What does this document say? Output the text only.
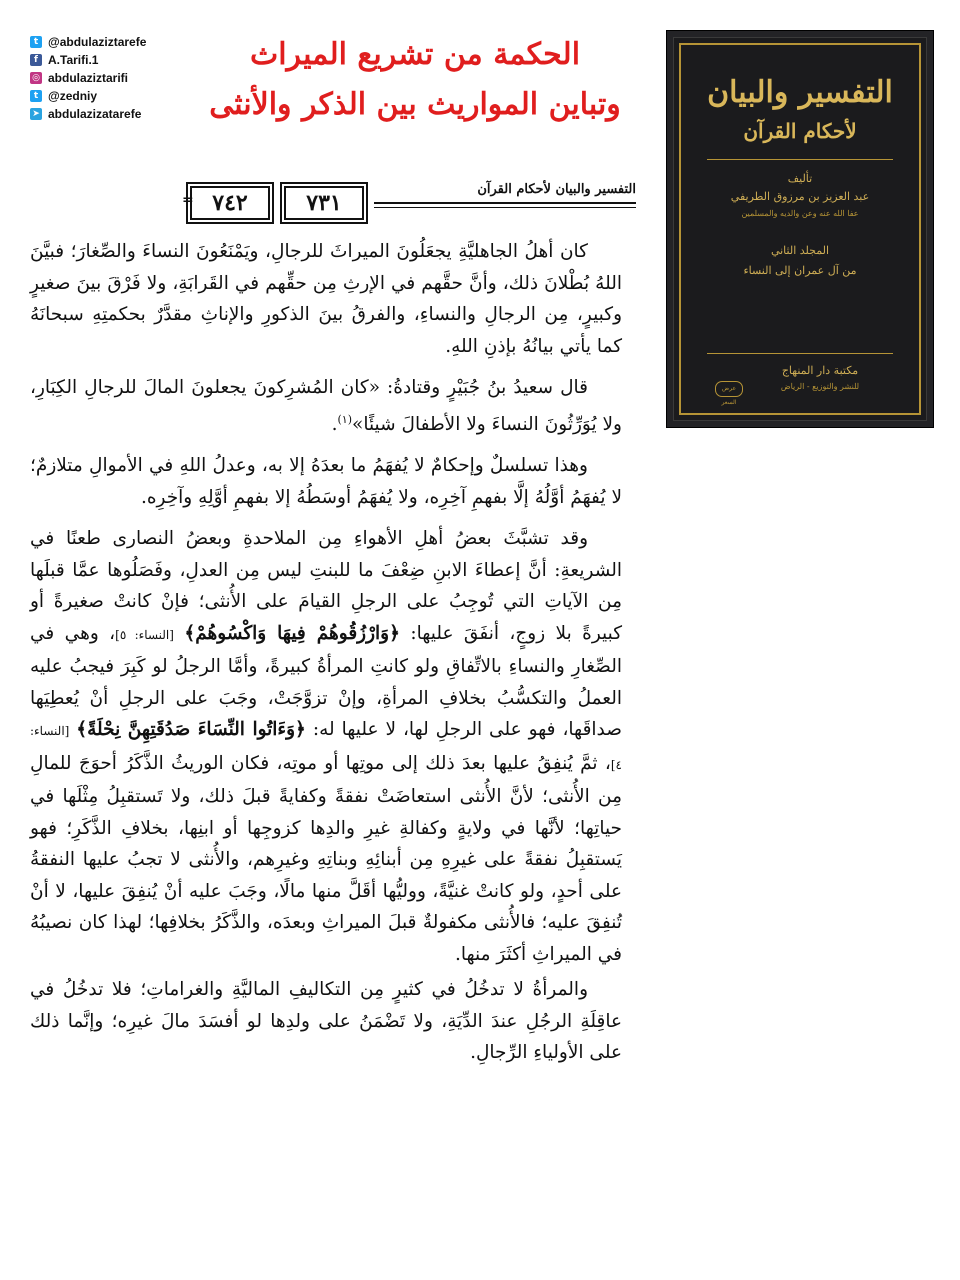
t @abdulaziztarefe
f A.Tarifi.1
◎ abdulaziztarifi
t @zedniy
➤ abdulazizatarefe
الحكمة من تشريع الميراث
وتباين المواريث بين الذكر والأنثى	التفسير والبيان
لأحكام القرآن
تأليف
عبد العزيز بن مرزوق الطريفي
عفا الله عنه وعن والديه والمسلمين
المجلد الثاني
من آل عمران إلى النساء
مكتبة دار المنهاج
للنشر والتوزيع - الرياض
عرض السعر
التفسير والبيان لأحكام القرآن
٧٣١
٧٤٢
=

كان أهلُ الجاهليَّةِ يجعَلُونَ الميراثَ للرجالِ، ويَمْنَعُونَ النساءَ والصِّغارَ؛ فبيَّنَ اللهُ بُطْلانَ ذلك، وأنَّ حقَّهم في الإرثِ مِن حقِّهم في القَرابَةِ، ولا فَرْقَ بينَ صغيرٍ وكبيرٍ، مِن الرجالِ والنساءِ، والفرقُ بينَ الذكورِ والإناثِ مقدَّرٌ بحكمتِهِ سبحانَهُ كما يأتي بيانُهُ بإذنِ اللهِ.

قال سعيدُ بنُ جُبَيْرٍ وقتادةُ: «كان المُشرِكونَ يجعلونَ المالَ للرجالِ الكِبَارِ، ولا يُوَرِّثُونَ النساءَ ولا الأطفالَ شيئًا»$^{(١)}$.

وهذا تسلسلٌ وإحكامٌ لا يُفهَمُ ما بعدَهُ إلا به، وعدلُ اللهِ في الأموالِ متلازمٌ؛ لا يُفهَمُ أوَّلُهُ إلَّا بفهمِ آخِرِه، ولا يُفهَمُ أوسَطُهُ إلا بفهمِ أوَّلِهِ وآخِرِه.

وقد تشبَّثَ بعضُ أهلِ الأهواءِ مِن الملاحدةِ وبعضُ النصارى طعنًا في الشريعةِ: أنَّ إعطاءَ الابنِ ضِعْفَ ما للبنتِ ليس مِن العدلِ، وفَصَلُوها عمَّا قبلَها مِن الآياتِ التي تُوجِبُ على الرجلِ القيامَ على الأُنثى؛ فإنْ كانتْ صغيرةً أو كبيرةً بلا زوجٍ، أنفَقَ عليها: ﴿وَارْزُقُوهُمْ فِيهَا وَاكْسُوهُمْ﴾ [النساء: ٥]، وهي في الصِّغارِ والنساءِ بالاتِّفاقِ ولو كانتِ المرأةُ كبيرةً، وأمَّا الرجلُ لو كَبِرَ فيجبُ عليه العملُ والتكسُّبُ بخلافِ المرأةِ، وإنْ تزوَّجَتْ، وجَبَ على الرجلِ أنْ يُعطِيَها صداقَها، فهو على الرجلِ لها، لا عليها له: ﴿وَءَاتُوا النِّسَاءَ صَدُقَتِهِنَّ نِحْلَةً﴾ [النساء: ٤]، ثمَّ يُنفِقُ عليها بعدَ ذلك إلى موتِها أو موتِه، فكان الوريثُ الذَّكَرُ أحوَجَ للمالِ مِن الأُنثى؛ لأنَّ الأُنثى استعاضَتْ نفقةً وكفايةً قبلَ ذلك، ولا تَستقبِلُ مِثْلَها في حياتِها؛ لأنَّها في ولايةٍ وكفالةِ غيرِ والدِها كزوجِها أو ابنِها، بخلافِ الذَّكَرِ؛ فهو يَستقبِلُ نفقةً على غيرِهِ مِن أبنائِهِ وبناتِهِ وغيرِهم، والأُنثى لا تجبُ عليها النفقةُ على أحدٍ، ولو كانتْ غنيَّةً، ووليُّها أقَلَّ منها مالًا، وجَبَ عليه أنْ يُنفِقَ عليها، لا أنْ تُنفِقَ عليه؛ فالأُنثى مكفولةٌ قبلَ الميراثِ وبعدَه، والذَّكَرُ بخلافِها؛ لهذا كان نصيبُهُ في الميراثِ أكثَرَ منها.

والمرأةُ لا تدخُلُ في كثيرٍ مِن التكاليفِ الماليَّةِ والغراماتِ؛ فلا تدخُلُ في عاقِلَةِ الرجُلِ عندَ الدِّيَةِ، ولا تَضْمَنُ على ولدِها لو أفسَدَ مالَ غيرِه؛ وإنَّما ذلك على الأولياءِ الرِّجالِ.
